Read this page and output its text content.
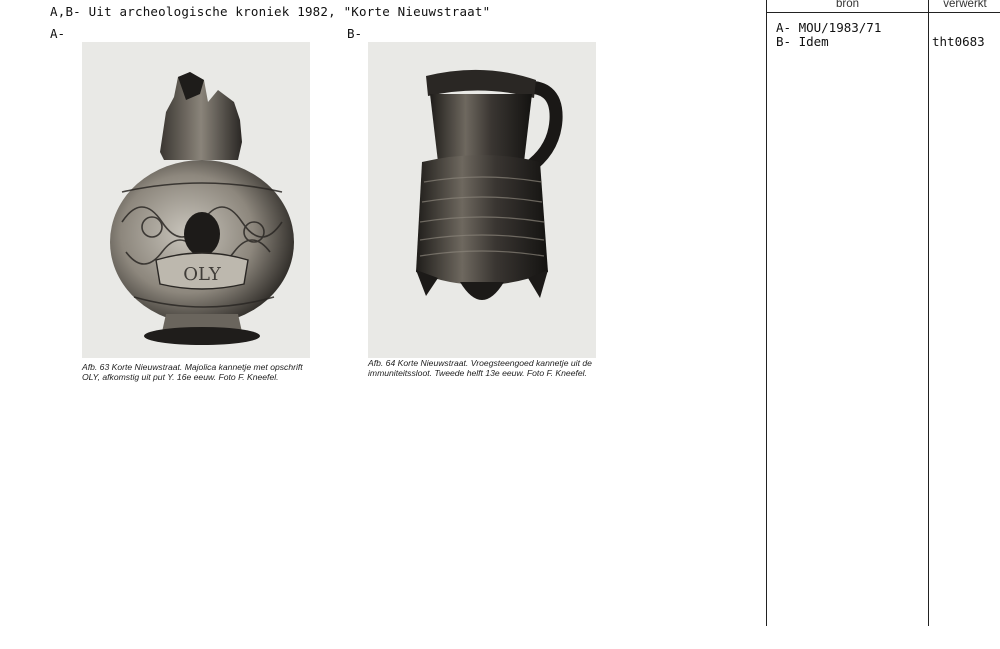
A,B- Uit archeologische kroniek 1982, "Korte Nieuwstraat"
A-
OLY
Afb. 63 Korte Nieuwstraat. Majolica kannetje met opschrift OLY, afkomstig uit put Y. 16e eeuw. Foto F. Kneefel.
B-
Afb. 64 Korte Nieuwstraat. Vroegsteengoed kannetje uit de immuniteitssloot. Tweede helft 13e eeuw. Foto F. Kneefel.
bron	verwerkt
A- MOU/1983/71
B- Idem	tht0683
